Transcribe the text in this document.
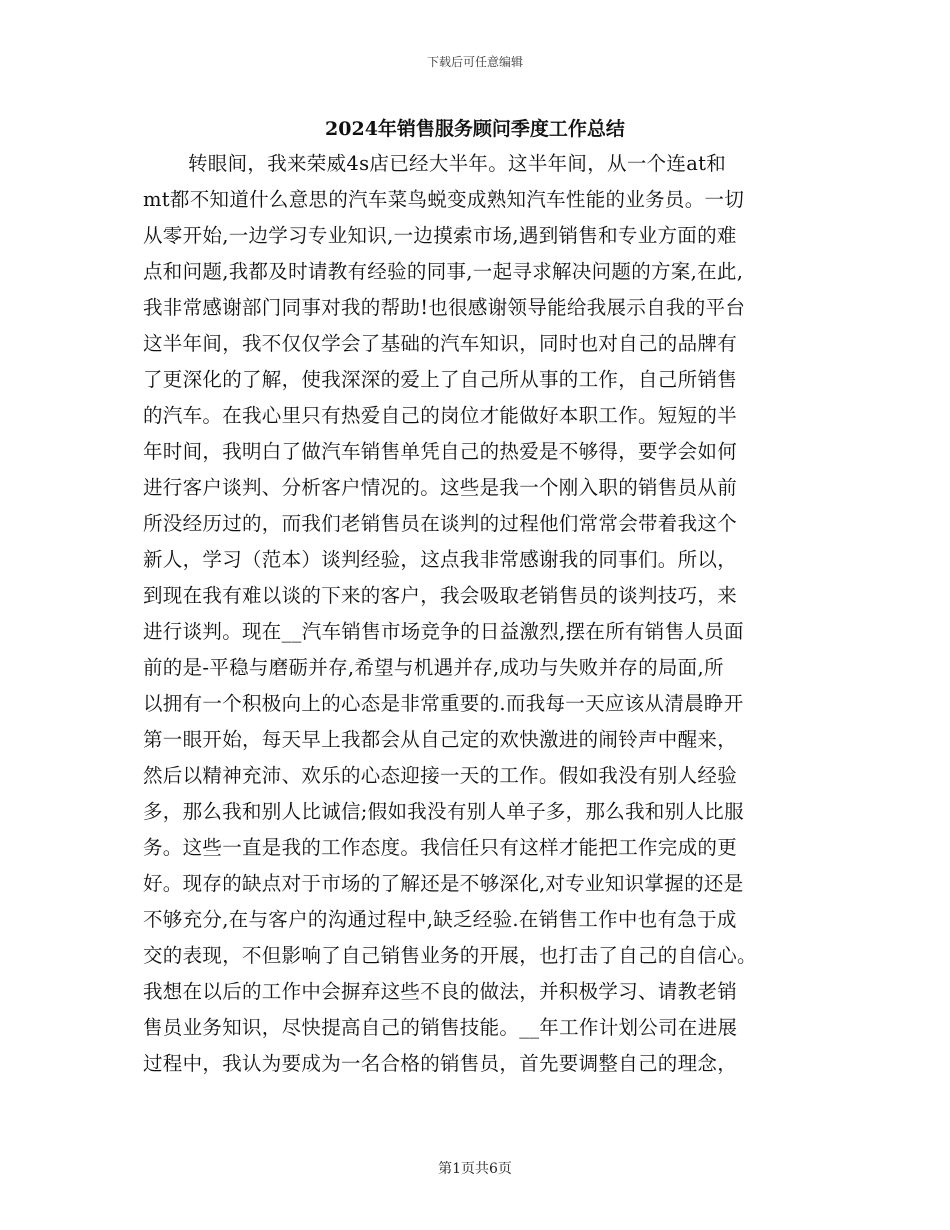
下载后可任意编辑
2024年销售服务顾问季度工作总结
转眼间，我来荣威4s店已经大半年。这半年间，从一个连at和
mt都不知道什么意思的汽车菜鸟蜕变成熟知汽车性能的业务员。一切
从零开始,一边学习专业知识,一边摸索市场,遇到销售和专业方面的难
点和问题,我都及时请教有经验的同事,一起寻求解决问题的方案,在此,
我非常感谢部门同事对我的帮助!也很感谢领导能给我展示自我的平台
这半年间，我不仅仅学会了基础的汽车知识，同时也对自己的品牌有
了更深化的了解，使我深深的爱上了自己所从事的工作，自己所销售
的汽车。在我心里只有热爱自己的岗位才能做好本职工作。短短的半
年时间，我明白了做汽车销售单凭自己的热爱是不够得，要学会如何
进行客户谈判、分析客户情况的。这些是我一个刚入职的销售员从前
所没经历过的，而我们老销售员在谈判的过程他们常常会带着我这个
新人，学习（范本）谈判经验，这点我非常感谢我的同事们。所以，
到现在我有难以谈的下来的客户，我会吸取老销售员的谈判技巧，来
进行谈判。现在__汽车销售市场竞争的日益激烈,摆在所有销售人员面
前的是-平稳与磨砺并存,希望与机遇并存,成功与失败并存的局面,所
以拥有一个积极向上的心态是非常重要的.而我每一天应该从清晨睁开
第一眼开始，每天早上我都会从自己定的欢快激进的闹铃声中醒来，
然后以精神充沛、欢乐的心态迎接一天的工作。假如我没有别人经验
多，那么我和别人比诚信;假如我没有别人单子多，那么我和别人比服
务。这些一直是我的工作态度。我信任只有这样才能把工作完成的更
好。现存的缺点对于市场的了解还是不够深化,对专业知识掌握的还是
不够充分,在与客户的沟通过程中,缺乏经验.在销售工作中也有急于成
交的表现，不但影响了自己销售业务的开展，也打击了自己的自信心。
我想在以后的工作中会摒弃这些不良的做法，并积极学习、请教老销
售员业务知识，尽快提高自己的销售技能。__年工作计划公司在进展
过程中，我认为要成为一名合格的销售员，首先要调整自己的理念，
第1页共6页
